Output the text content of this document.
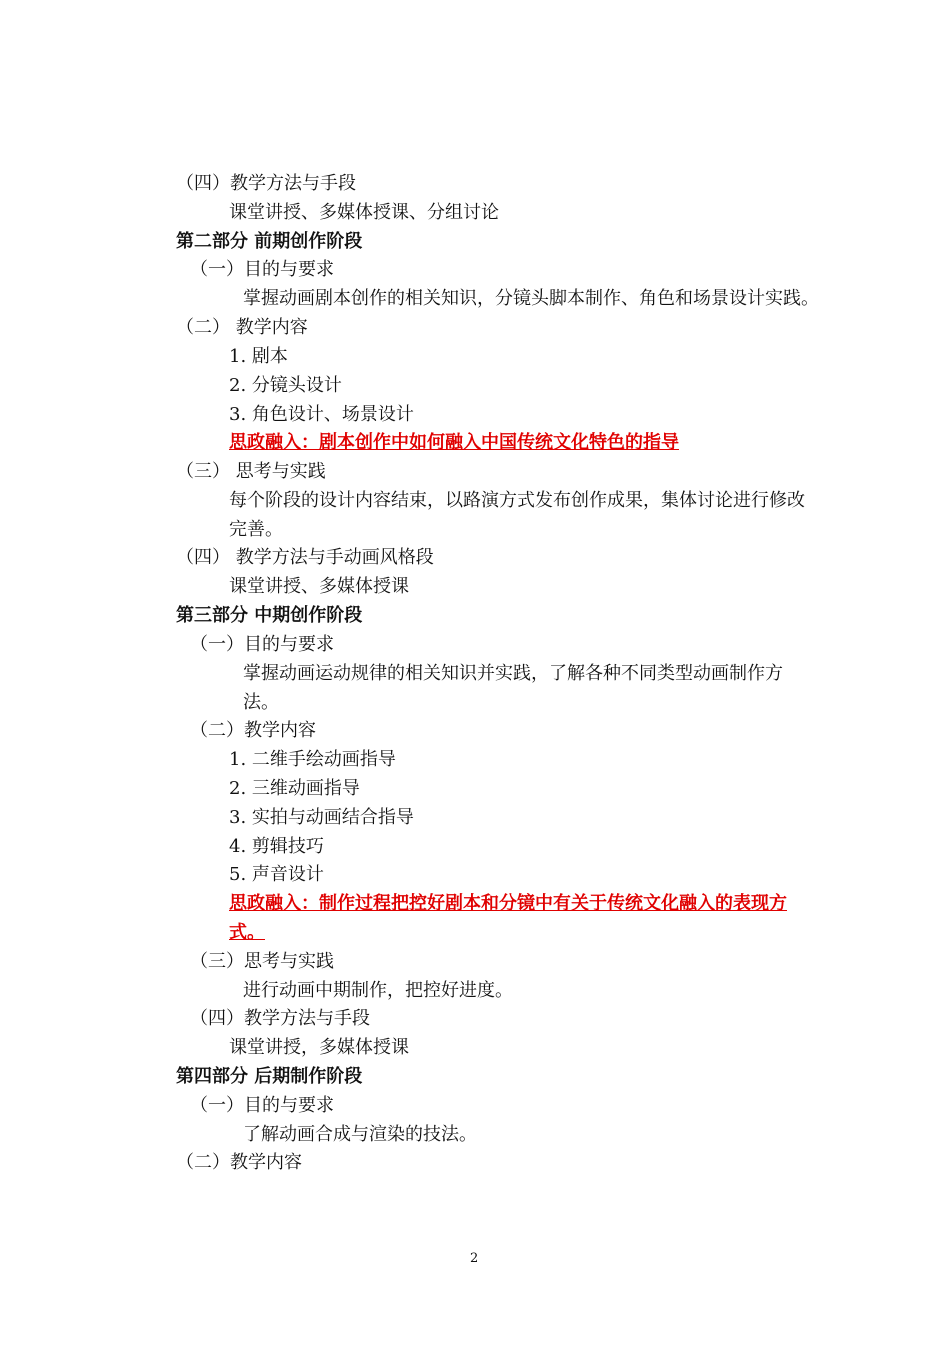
（四）教学方法与手段
课堂讲授、多媒体授课、分组讨论
第二部分 前期创作阶段
（一）目的与要求
掌握动画剧本创作的相关知识，分镜头脚本制作、角色和场景设计实践。
（二） 教学内容
1. 剧本
2. 分镜头设计
3. 角色设计、场景设计
思政融入：剧本创作中如何融入中国传统文化特色的指导
（三） 思考与实践
每个阶段的设计内容结束，以路演方式发布创作成果，集体讨论进行修改
完善。
（四） 教学方法与手动画风格段
课堂讲授、多媒体授课
第三部分 中期创作阶段
（一）目的与要求
掌握动画运动规律的相关知识并实践，了解各种不同类型动画制作方
法。
（二）教学内容
1. 二维手绘动画指导
2. 三维动画指导
3. 实拍与动画结合指导
4. 剪辑技巧
5. 声音设计
思政融入：制作过程把控好剧本和分镜中有关于传统文化融入的表现方
式。
（三）思考与实践
进行动画中期制作，把控好进度。
（四）教学方法与手段
课堂讲授，多媒体授课
第四部分 后期制作阶段
（一）目的与要求
了解动画合成与渲染的技法。
（二）教学内容
2
